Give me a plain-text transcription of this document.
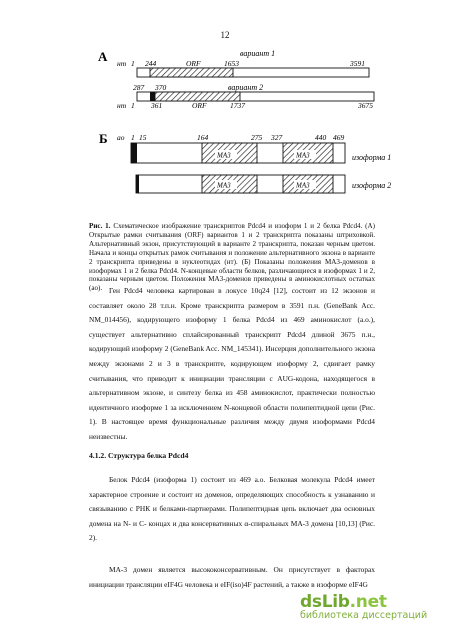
12
А нт 1 244	ORF	1653	3591
вариант 1
287 370	вариант 2
нт 1 361	ORF	1737	3675
Б ао 1 15	164	275 327	440 469
MA3	MA3	изоформа 1
MA3	MA3	изоформа 2
Рис. 1. Схематическое изображение транскриптов Pdcd4 и изоформ 1 и 2 белка Pdcd4. (А) Открытые рамки считывания (ORF) вариантов 1 и 2 транскрипта показаны штриховкой. Альтернативный экзон, присутствующий в варианте 2 транскрипта, показан черным цветом. Начала и концы открытых рамок считывания и положение альтернативного экзона в варианте 2 транскрипта приведены в нуклеотидах (нт). (Б) Показаны положения МА3-доменов в изоформах 1 и 2 белка Pdcd4. N-концевые области белков, различающиеся в изоформах 1 и 2, показаны черным цветом. Положения МА3-доменов приведены в аминокислотных остатках (ао). Ген Pdcd4 человека картирован в локусе 10q24 [12], состоит из 12 экзонов и составляет около 28 т.п.н. Кроме транскрипта размером в 3591 п.н. (GeneBank Acc. NM_014456), кодирующего изоформу 1 белка Pdcd4 из 469 аминокислот (а.о.), существует альтернативно сплайсированный транскрипт Pdcd4 длиной 3675 п.н., кодирующий изоформу 2 (GeneBank Acc. NM_145341). Инсерция дополнительного экзона между экзонами 2 и 3 в транскрипте, кодирующем изоформу 2, сдвигает рамку считывания, что приводит к инициации трансляции с AUG-кодона, находящегося в альтернативном экзоне, и синтезу белка из 458 аминокислот, практически полностью идентичного изоформе 1 за исключением N-концевой области полипептидной цепи (Рис. 1). В настоящее время функциональные различия между двумя изоформами Pdcd4 неизвестны.
4.1.2. Структура белка Pdcd4
Белок Pdcd4 (изоформа 1) состоит из 469 а.о. Белковая молекула Pdcd4 имеет характерное строение и состоит из доменов, определяющих способность к узнаванию и связыванию с РНК и белками-партнерами. Полипептидная цепь включает два основных домена на N- и C- концах и два консервативных α-спиральных МА-3 домена [10,13] (Рис. 2).
МА-3 домен является высококонсервативным. Он присутствует в факторах инициации трансляции eIF4G человека и eIF(iso)4F растений, а также в изоформе eIF4G
dsLib.net
библиотека диссертаций
